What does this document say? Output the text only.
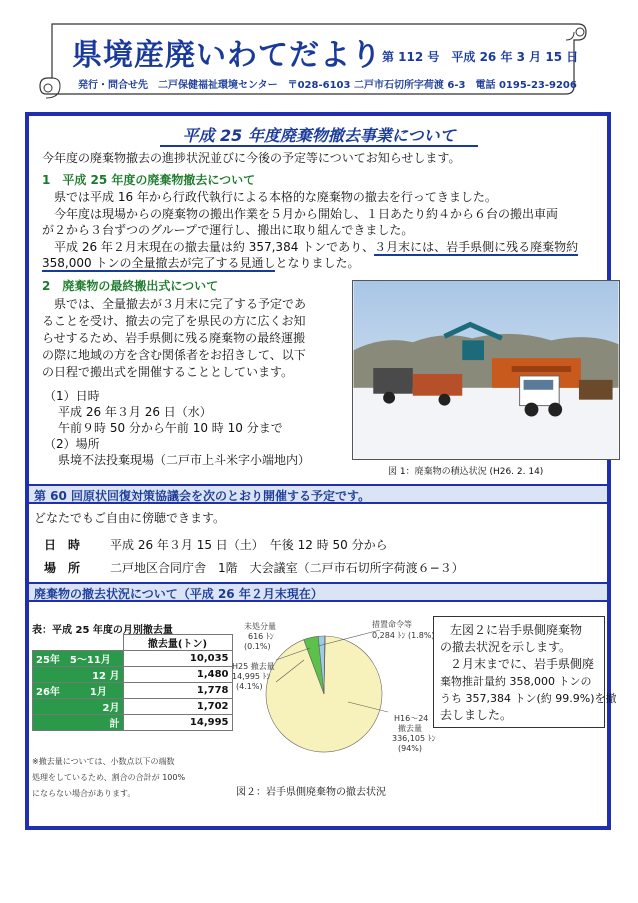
県境産廃いわてだより 第 112 号　平成 26 年 3 月 15 日
発行・問合せ先　二戸保健福祉環境センター　〒028-6103 二戸市石切所字荷渡 6-3　電話 0195-23-9206
平成 25 年度廃棄物撤去事業について
今年度の廃棄物撤去の進捗状況並びに今後の予定等についてお知らせします。
1　平成 25 年度の廃棄物撤去について
県では平成 16 年から行政代執行による本格的な廃棄物の撤去を行ってきました。
今年度は現場からの廃棄物の搬出作業を５月から開始し、１日あたり約４から６台の搬出車両
が２から３台ずつのグループで運行し、搬出に取り組んできました。
平成 26 年２月末現在の撤去量は約 357,384 トンであり、３月末には、岩手県側に残る廃棄物約
358,000 トンの全量撤去が完了する見通しとなりました。
2　廃棄物の最終搬出式について
県では、全量撤去が３月末に完了する予定であ
ることを受け、撤去の完了を県民の方に広くお知
らせするため、岩手県側に残る廃棄物の最終運搬
の際に地域の方を含む関係者をお招きして、以下
の日程で搬出式を開催することとしています。
（1）日時
平成 26 年３月 26 日（水）
午前９時 50 分から午前 10 時 10 分まで
（2）場所
県境不法投棄現場（二戸市上斗米字小端地内）
図 1：廃棄物の積込状況 (H26. 2. 14)
第 60 回原状回復対策協議会を次のとおり開催する予定です。
どなたでもご自由に傍聴できます。
日　時 平成 26 年３月 15 日（土）　午後 12 時 50 分から
場　所 二戸地区合同庁舎　1階　大会議室（二戸市石切所字荷渡６−３）
廃棄物の撤去状況について（平成 26 年２月末現在）
表：平成 25 年度の月別撤去量
	撤去量(トン)
25年　 5～11月	10,035
12 月	1,480
26年 1月	1,778
2月	1,702
計	14,995
※撤去量については、小数点以下の端数
処理をしているため、割合の合計が 100%
にならない場合があります。
未処分量
616 ﾄﾝ
(0.1%)
措置命令等
0,284 ﾄﾝ (1.8%)
H25 撤去量
14,995 ﾄﾝ
(4.1%)
H16～24
撤去量
336,105 ﾄﾝ
(94%)
図２：岩手県側廃棄物の撤去状況
左図２に岩手県側廃棄物
の撤去状況を示します。
２月末までに、岩手県側廃
棄物推計量約 358,000 トンの
うち 357,384 トン(約 99.9%)を撤
去しました。
